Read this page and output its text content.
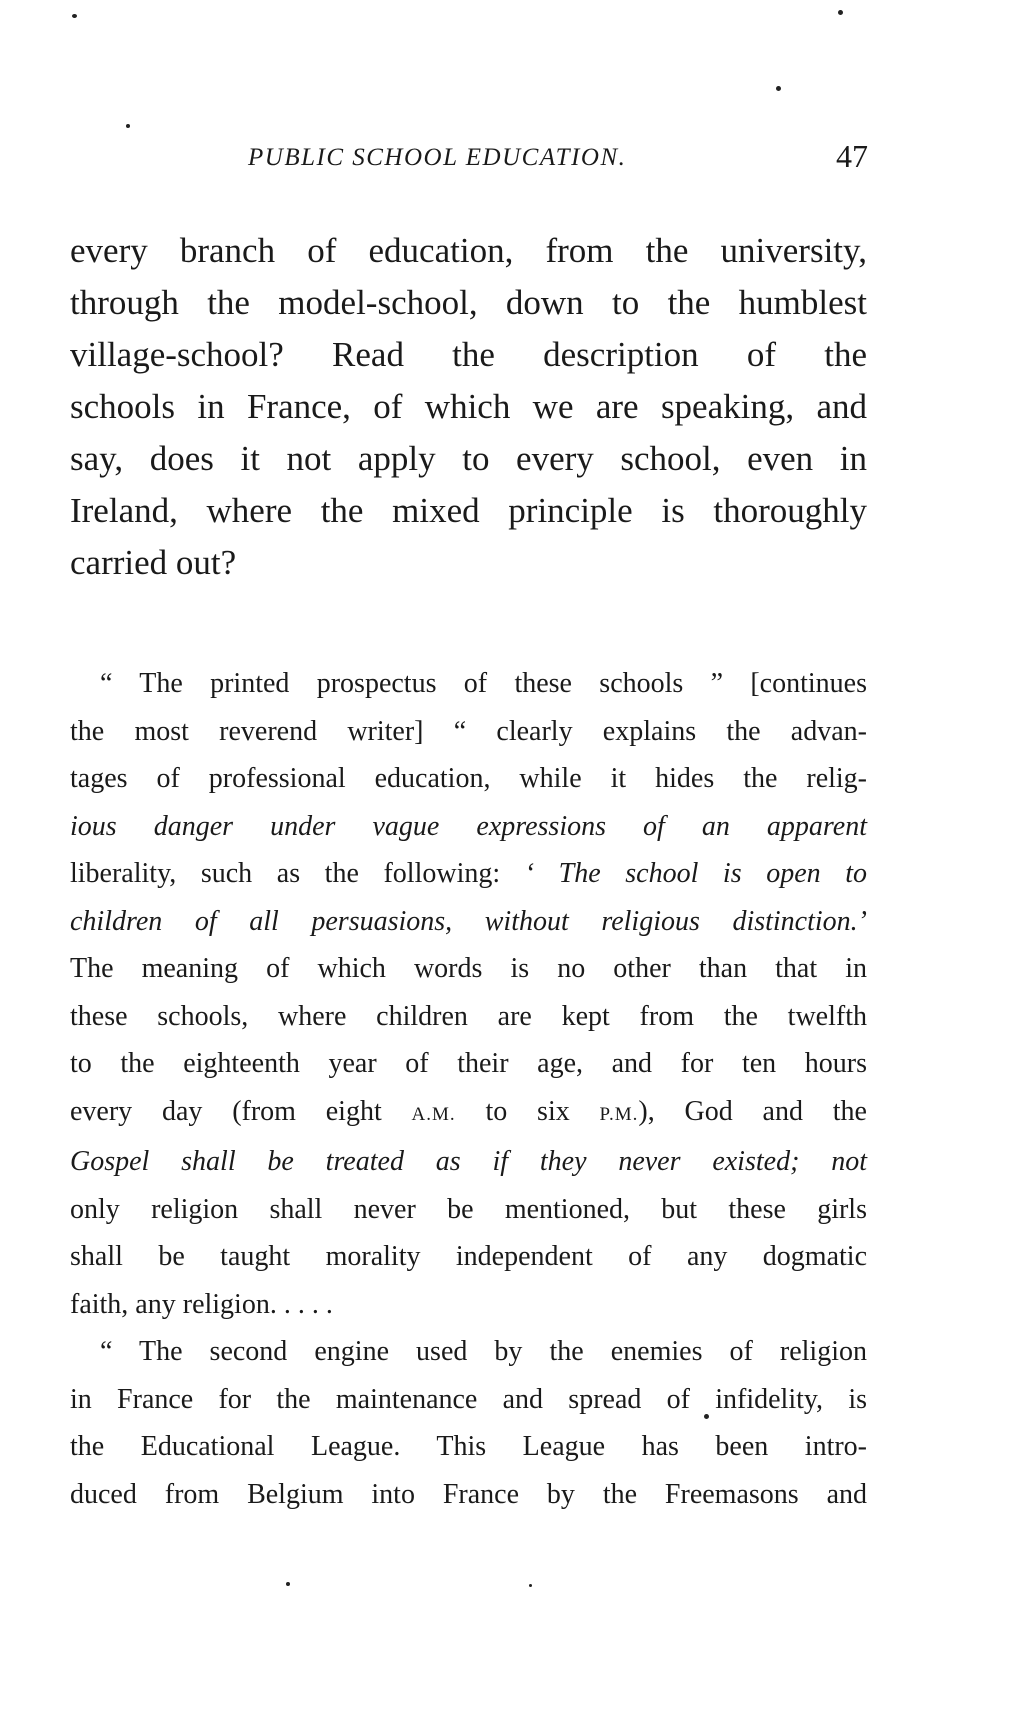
PUBLIC SCHOOL EDUCATION.	47
every branch of education, from the university,
through the model-school, down to the humblest
village-school? Read the description of the
schools in France, of which we are speaking, and
say, does it not apply to every school, even in
Ireland, where the mixed principle is thoroughly
carried out?
“ The printed prospectus of these schools ” [continues
the most reverend writer] “ clearly explains the advan-
tages of professional education, while it hides the relig-
ious danger under vague expressions of an apparent
liberality, such as the following: ‘ The school is open to
children of all persuasions, without religious distinction.’
The meaning of which words is no other than that in
these schools, where children are kept from the twelfth
to the eighteenth year of their age, and for ten hours
every day (from eight A.M. to six P.M.), God and the
Gospel shall be treated as if they never existed; not
only religion shall never be mentioned, but these girls
shall be taught morality independent of any dogmatic
faith, any religion. . . . .
“ The second engine used by the enemies of religion
in France for the maintenance and spread of infidelity, is
the Educational League. This League has been intro-
duced from Belgium into France by the Freemasons and
